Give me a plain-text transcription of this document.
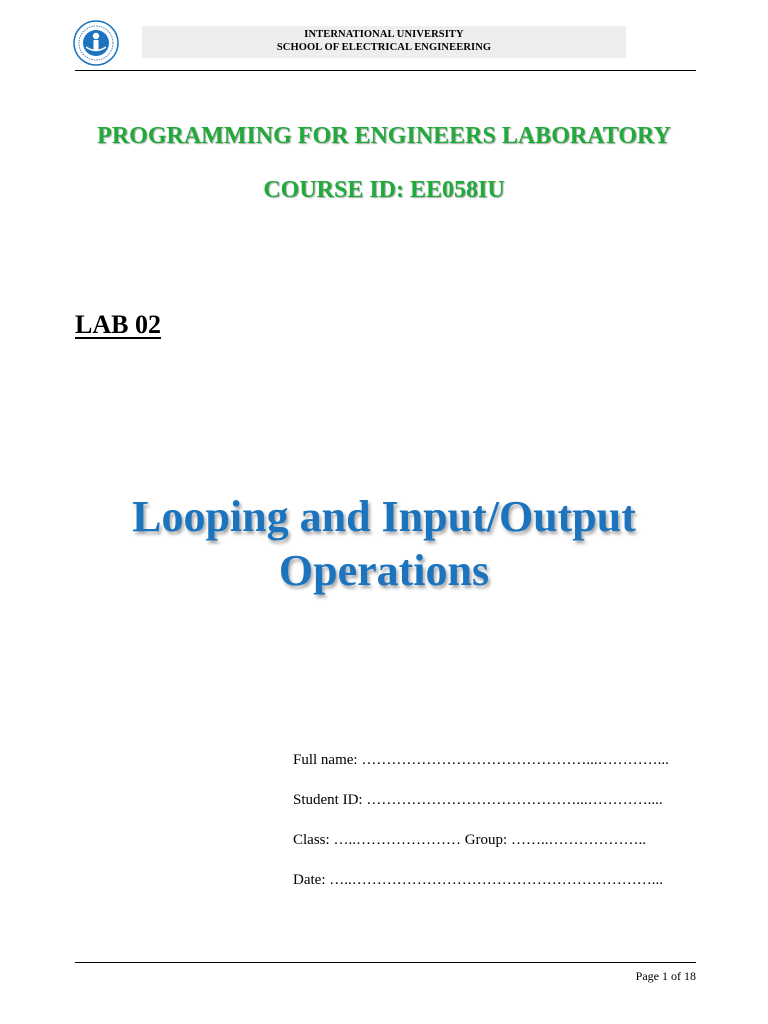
INTERNATIONAL UNIVERSITY
SCHOOL OF ELECTRICAL ENGINEERING
PROGRAMMING FOR ENGINEERS LABORATORY
COURSE ID: EE058IU
LAB 02
Looping and Input/Output
Operations
Full name: ………………………………………...…………...
Student ID: ……………………………………...…………....
Class: …..………………… Group: ……..………………..
Date: …..……………………………………………………...
Page 1 of 18
